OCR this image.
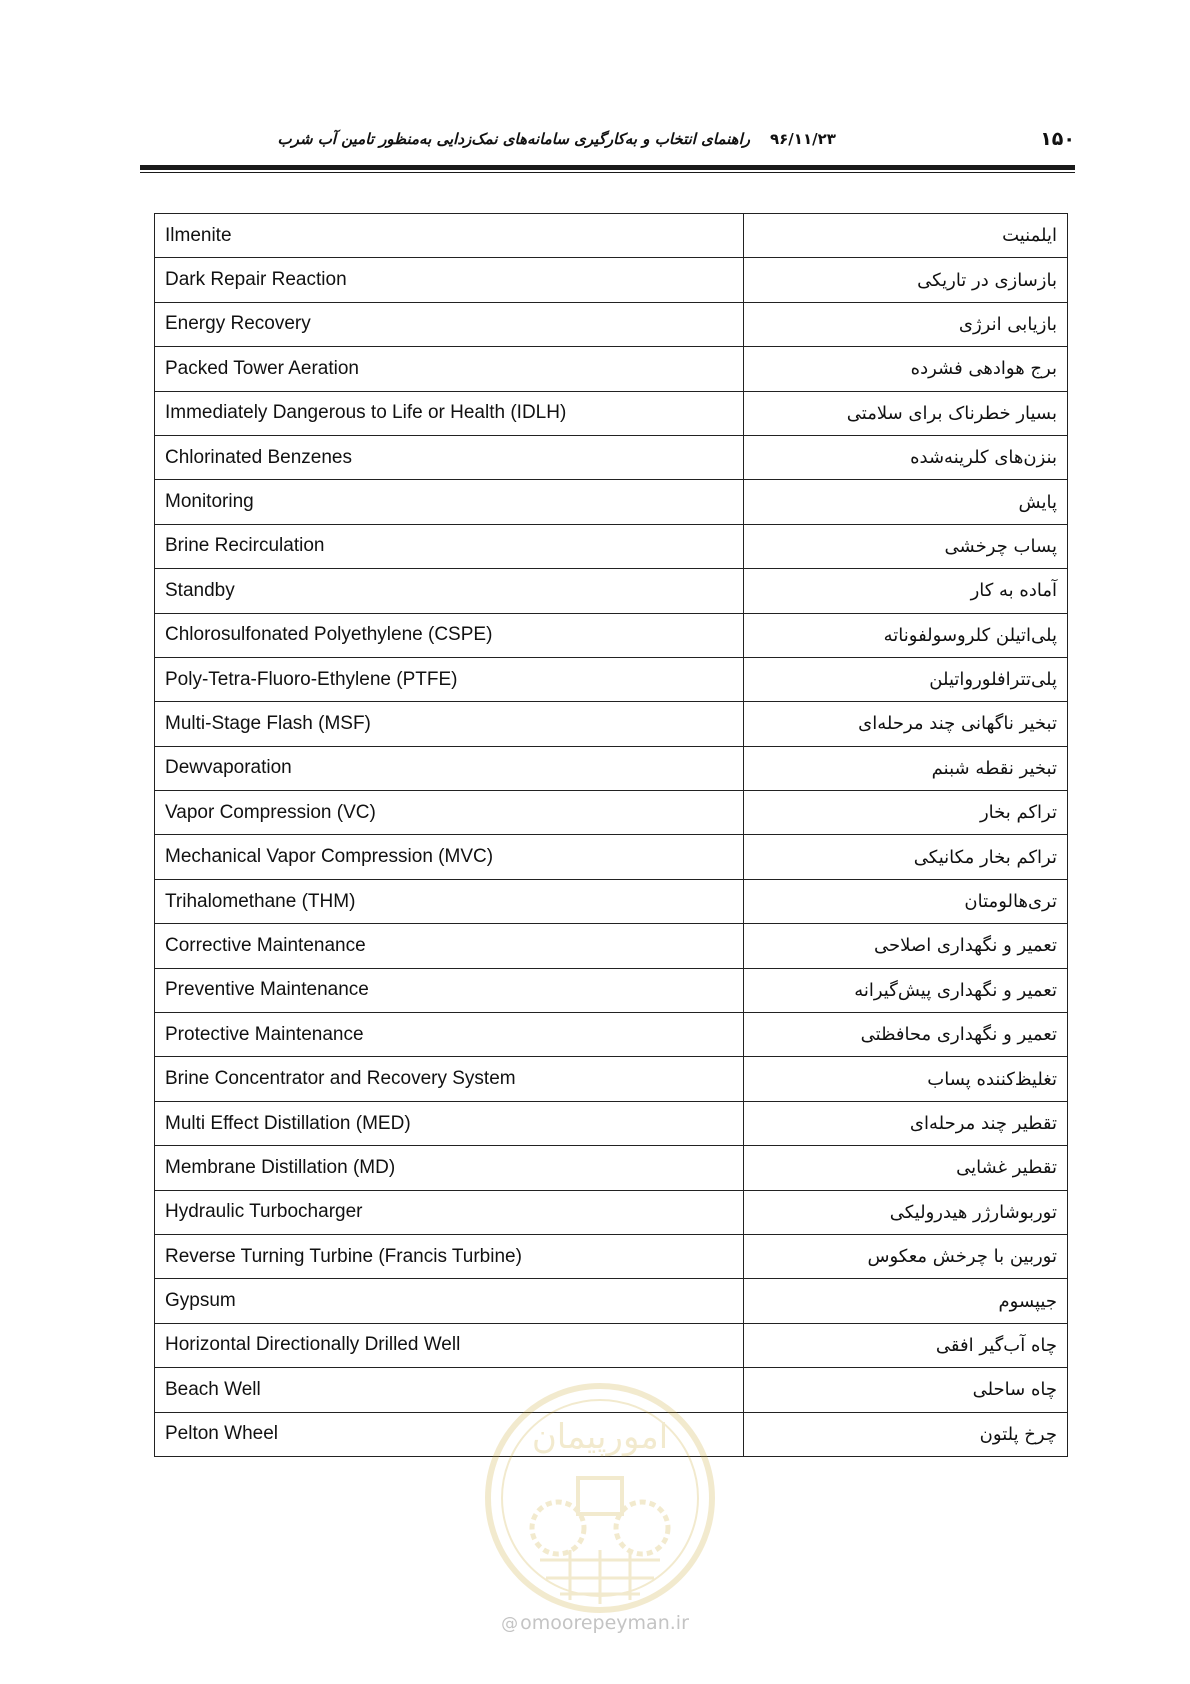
راهنمای انتخاب و به‌کارگیری سامانه‌های نمک‌زدایی به‌منظور تامین آب شرب ۹۶/۱۱/۲۳	۱۵۰
Ilmenite	ایلمنیت
Dark Repair Reaction	بازسازی در تاریکی
Energy Recovery	بازیابی انرژی
Packed Tower Aeration	برج هوادهی فشرده
Immediately Dangerous to Life or Health (IDLH)	بسیار خطرناک برای سلامتی
Chlorinated Benzenes	بنزن‌های کلرینه‌شده
Monitoring	پایش
Brine Recirculation	پساب چرخشی
Standby	آماده به کار
Chlorosulfonated Polyethylene (CSPE)	پلی‌اتیلن کلروسولفوناته
Poly-Tetra-Fluoro-Ethylene (PTFE)	پلی‌تترافلورواتیلن
Multi-Stage Flash (MSF)	تبخیر ناگهانی چند مرحله‌ای
Dewvaporation	تبخیر نقطه شبنم
Vapor Compression (VC)	تراکم بخار
Mechanical Vapor Compression (MVC)	تراکم بخار مکانیکی
Trihalomethane (THM)	تری‌هالومتان
Corrective Maintenance	تعمیر و نگهداری اصلاحی
Preventive Maintenance	تعمیر و نگهداری پیش‌گیرانه
Protective Maintenance	تعمیر و نگهداری محافظتی
Brine Concentrator and Recovery System	تغلیظ‌کننده پساب
Multi Effect Distillation (MED)	تقطیر چند مرحله‌ای
Membrane Distillation (MD)	تقطیر غشایی
Hydraulic Turbocharger	توربوشارژر هیدرولیکی
Reverse Turning Turbine (Francis Turbine)	توربین با چرخش معکوس
Gypsum	جیپسوم
Horizontal Directionally Drilled Well	چاه آب‌گیر افقی
Beach Well	چاه ساحلی
Pelton Wheel	چرخ پلتون
امورپیمان
@ omoorepeyman.ir
